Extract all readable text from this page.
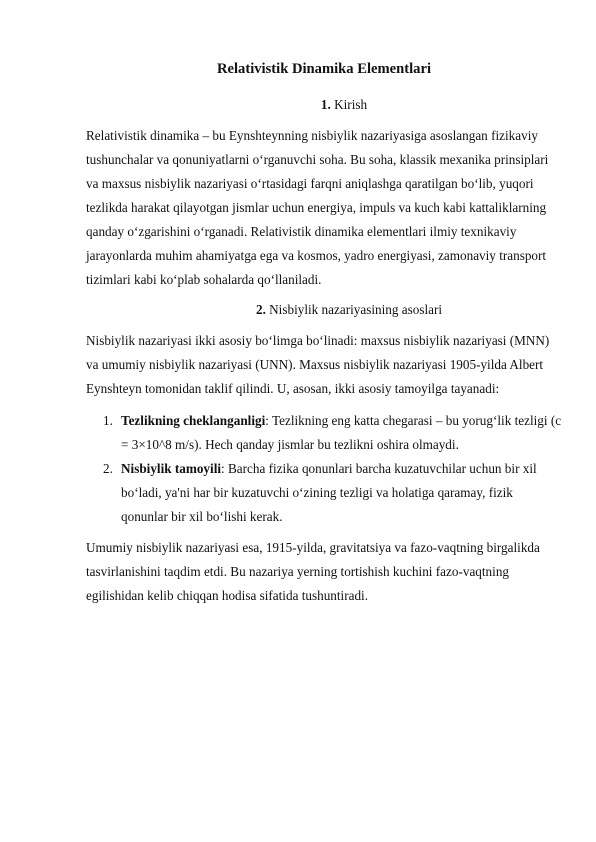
Relativistik Dinamika Elementlari
1. Kirish

Relativistik dinamika – bu Eynshteynning nisbiylik nazariyasiga asoslangan fizikaviy tushunchalar va qonuniyatlarni o‘rganuvchi soha. Bu soha, klassik mexanika prinsiplari va maxsus nisbiylik nazariyasi o‘rtasidagi farqni aniqlashga qaratilgan bo‘lib, yuqori tezlikda harakat qilayotgan jismlar uchun energiya, impuls va kuch kabi kattaliklarning qanday o‘zgarishini o‘rganadi. Relativistik dinamika elementlari ilmiy texnikaviy jarayonlarda muhim ahamiyatga ega va kosmos, yadro energiyasi, zamonaviy transport tizimlari kabi ko‘plab sohalarda qo‘llaniladi.

2. Nisbiylik nazariyasining asoslari

Nisbiylik nazariyasi ikki asosiy bo‘limga bo‘linadi: maxsus nisbiylik nazariyasi (MNN) va umumiy nisbiylik nazariyasi (UNN). Maxsus nisbiylik nazariyasi 1905-yilda Albert Eynshteyn tomonidan taklif qilindi. U, asosan, ikki asosiy tamoyilga tayanadi:

1. Tezlikning cheklanganligi: Tezlikning eng katta chegarasi – bu yorug‘lik tezligi (c = 3×10^8 m/s). Hech qanday jismlar bu tezlikni oshira olmaydi.
2. Nisbiylik tamoyili: Barcha fizika qonunlari barcha kuzatuvchilar uchun bir xil bo‘ladi, ya'ni har bir kuzatuvchi o‘zining tezligi va holatiga qaramay, fizik qonunlar bir xil bo‘lishi kerak.

Umumiy nisbiylik nazariyasi esa, 1915-yilda, gravitatsiya va fazo-vaqtning birgalikda tasvirlanishini taqdim etdi. Bu nazariya yerning tortishish kuchini fazo-vaqtning egilishidan kelib chiqqan hodisa sifatida tushuntiradi.
